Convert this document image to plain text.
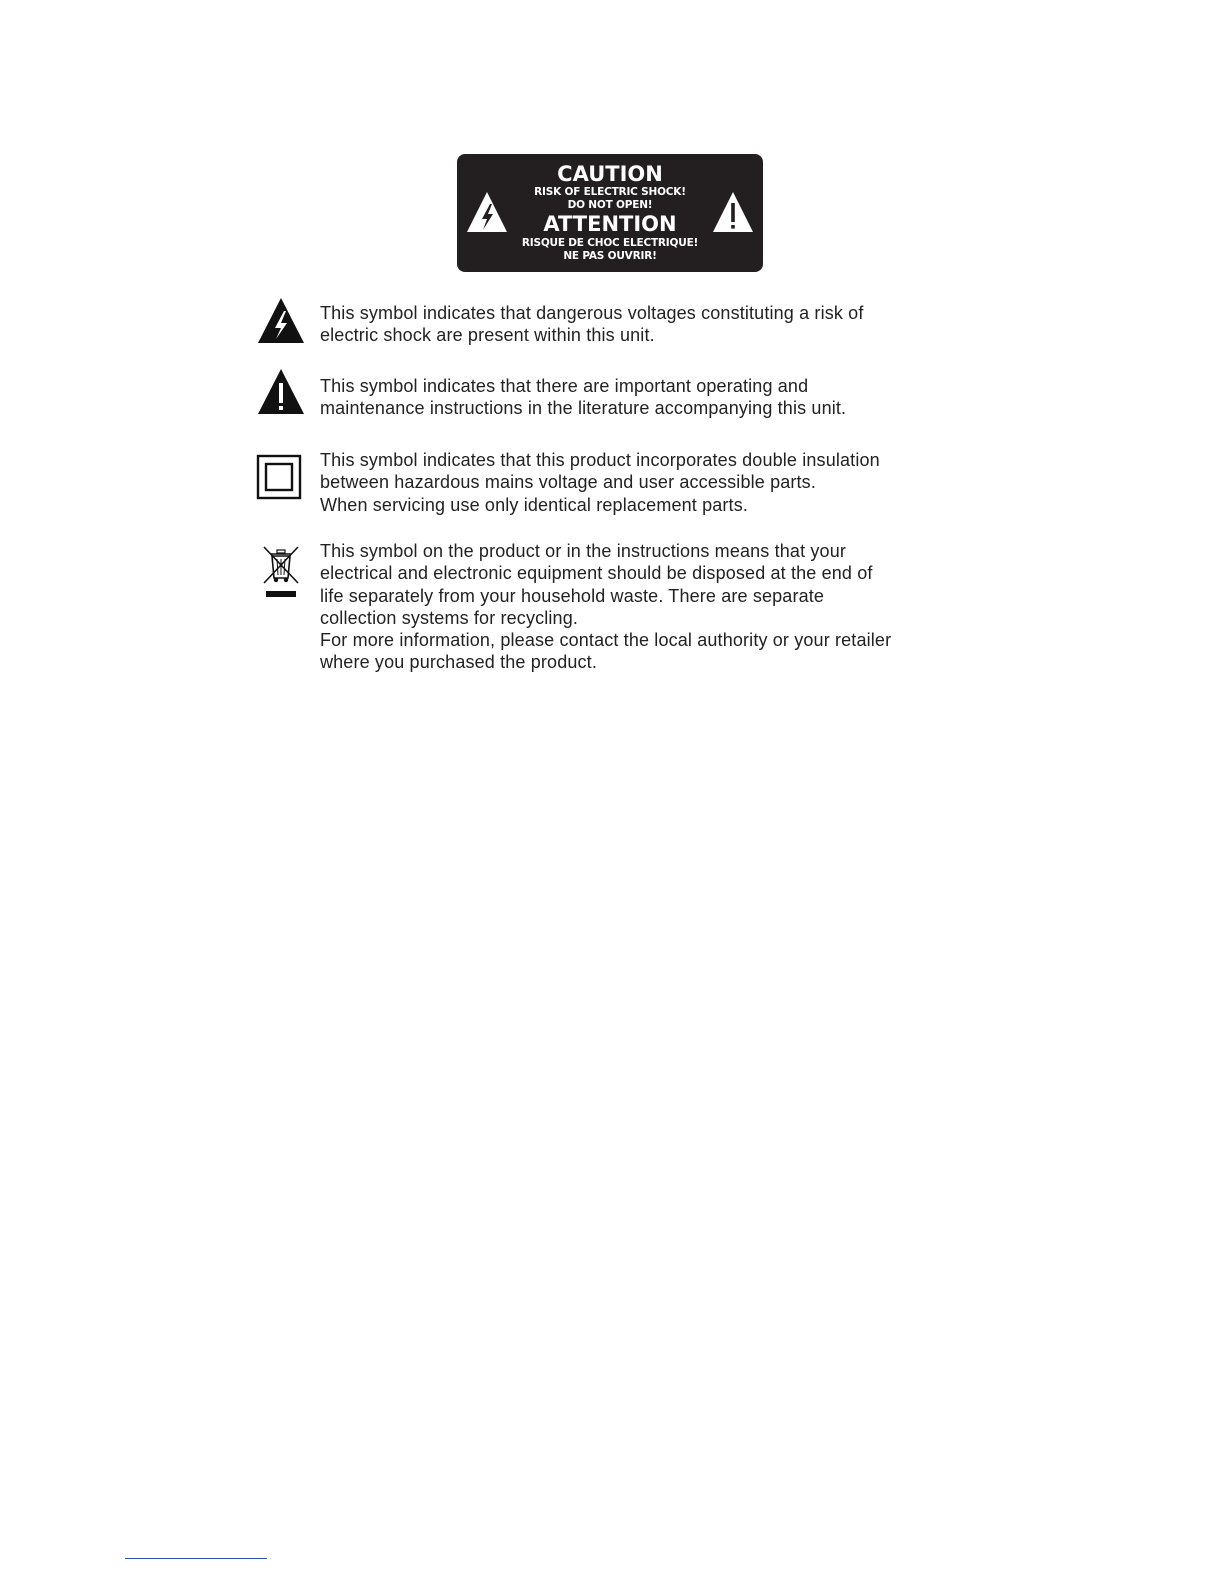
CAUTION
RISK OF ELECTRIC SHOCK!
DO NOT OPEN!
ATTENTION
RISQUE DE CHOC ELECTRIQUE!
NE PAS OUVRIR!
This symbol indicates that dangerous voltages constituting a risk of
electric shock are present within this unit.
This symbol indicates that there are important operating and
maintenance instructions in the literature accompanying this unit.
This symbol indicates that this product incorporates double insulation
between hazardous mains voltage and user accessible parts.
When servicing use only identical replacement parts.
This symbol on the product or in the instructions means that your
electrical and electronic equipment should be disposed at the end of
life separately from your household waste. There are separate
collection systems for recycling.
For more information, please contact the local authority or your retailer
where you purchased the product.
